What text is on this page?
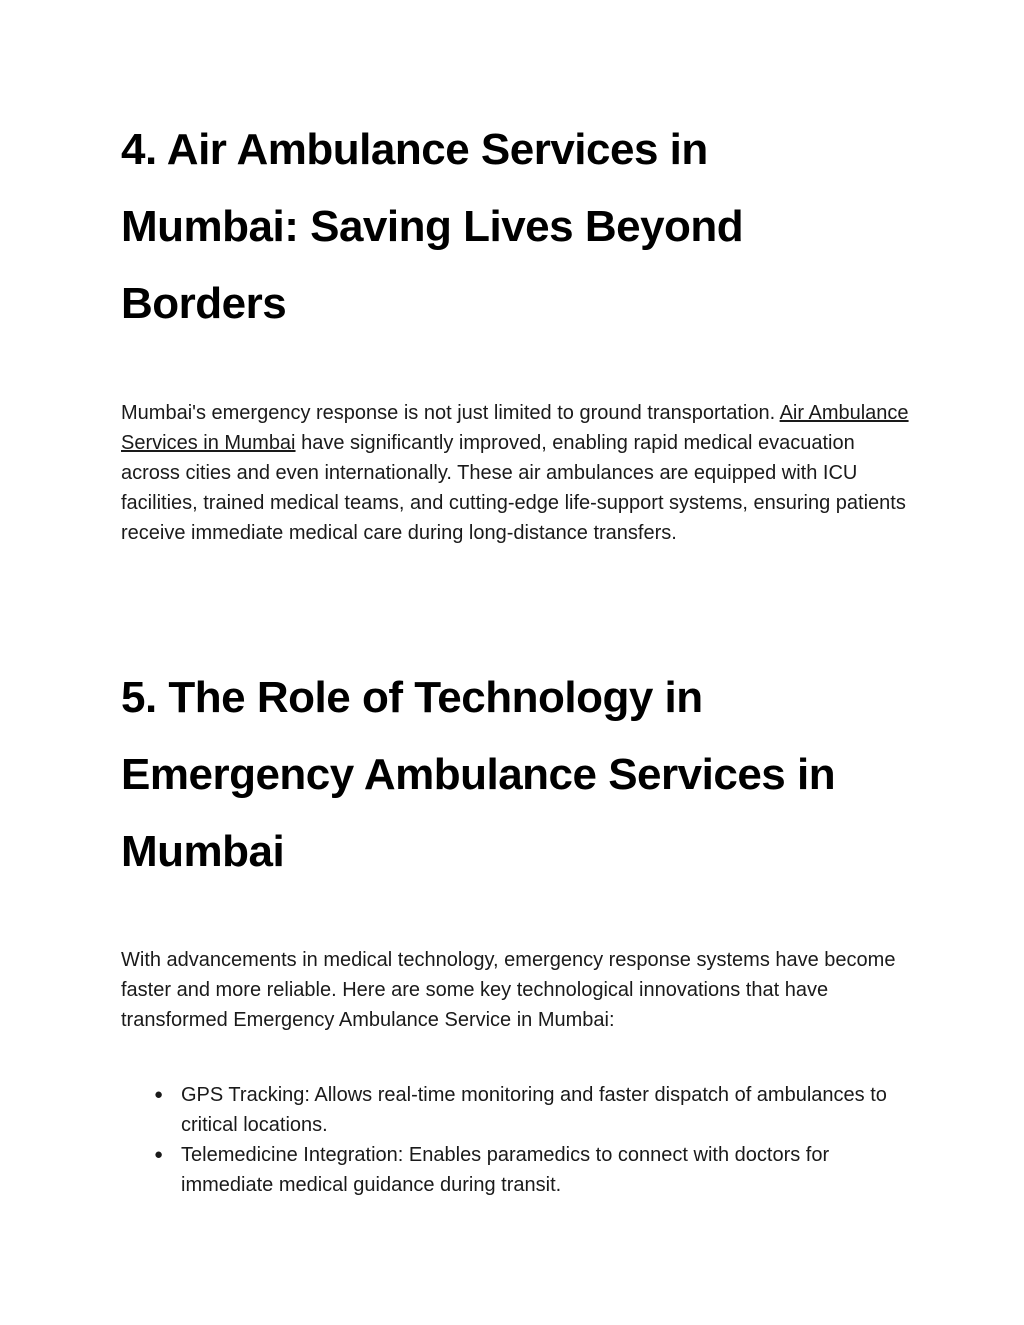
4. Air Ambulance Services in Mumbai: Saving Lives Beyond Borders

Mumbai's emergency response is not just limited to ground transportation. Air Ambulance Services in Mumbai have significantly improved, enabling rapid medical evacuation across cities and even internationally. These air ambulances are equipped with ICU facilities, trained medical teams, and cutting-edge life-support systems, ensuring patients receive immediate medical care during long-distance transfers.

5. The Role of Technology in Emergency Ambulance Services in Mumbai

With advancements in medical technology, emergency response systems have become faster and more reliable. Here are some key technological innovations that have transformed Emergency Ambulance Service in Mumbai:

● GPS Tracking: Allows real-time monitoring and faster dispatch of ambulances to critical locations.
● Telemedicine Integration: Enables paramedics to connect with doctors for immediate medical guidance during transit.
